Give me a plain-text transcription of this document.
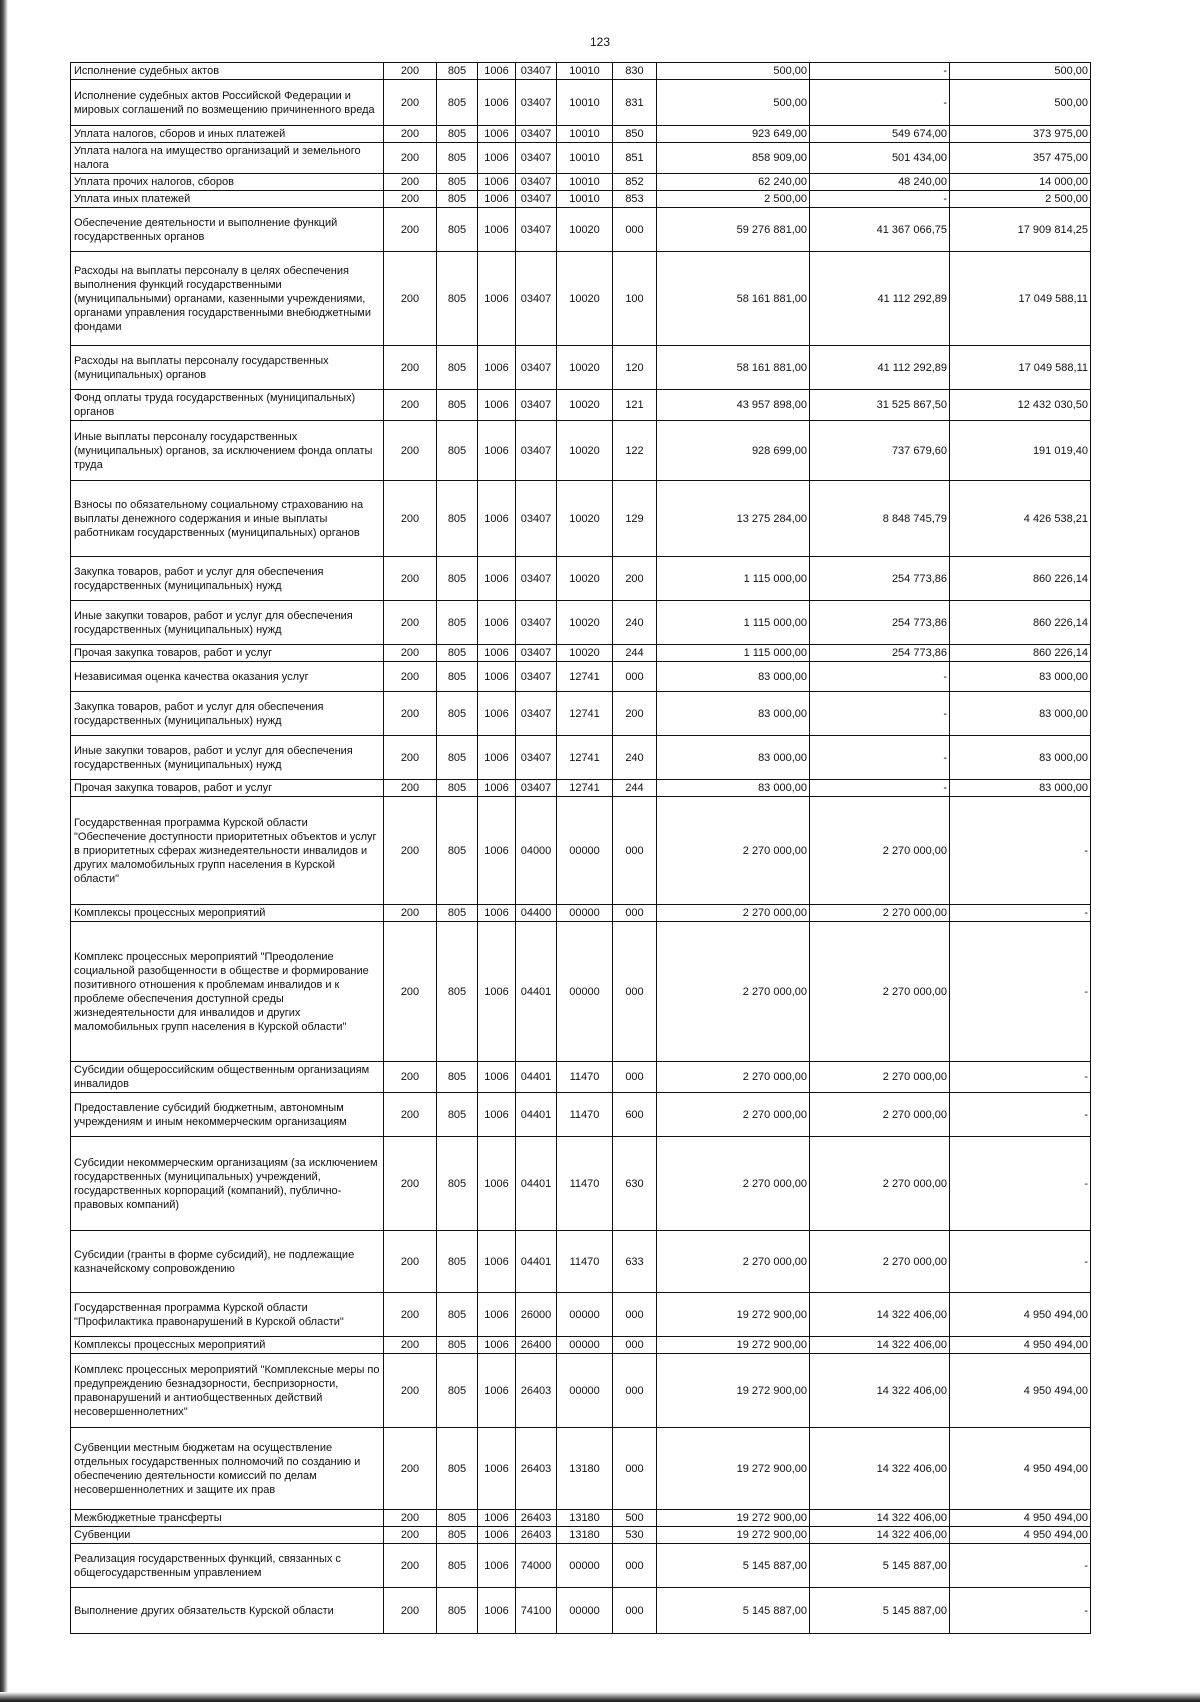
123
Исполнение судебных актов	200	805	1006	03407	10010	830	500,00	-	500,00
Исполнение судебных актов Российской Федерации и мировых соглашений по возмещению причиненного вреда	200	805	1006	03407	10010	831	500,00	-	500,00
Уплата налогов, сборов и иных платежей	200	805	1006	03407	10010	850	923 649,00	549 674,00	373 975,00
Уплата налога на имущество организаций и земельного налога	200	805	1006	03407	10010	851	858 909,00	501 434,00	357 475,00
Уплата прочих налогов, сборов	200	805	1006	03407	10010	852	62 240,00	48 240,00	14 000,00
Уплата иных платежей	200	805	1006	03407	10010	853	2 500,00	-	2 500,00
Обеспечение деятельности и выполнение функций государственных органов	200	805	1006	03407	10020	000	59 276 881,00	41 367 066,75	17 909 814,25
Расходы на выплаты персоналу в целях обеспечения выполнения функций государственными (муниципальными) органами, казенными учреждениями, органами управления государственными внебюджетными фондами	200	805	1006	03407	10020	100	58 161 881,00	41 112 292,89	17 049 588,11
Расходы на выплаты персоналу государственных (муниципальных) органов	200	805	1006	03407	10020	120	58 161 881,00	41 112 292,89	17 049 588,11
Фонд оплаты труда государственных (муниципальных) органов	200	805	1006	03407	10020	121	43 957 898,00	31 525 867,50	12 432 030,50
Иные выплаты персоналу государственных (муниципальных) органов, за исключением фонда оплаты труда	200	805	1006	03407	10020	122	928 699,00	737 679,60	191 019,40
Взносы по обязательному социальному страхованию на выплаты денежного содержания и иные выплаты работникам государственных (муниципальных) органов	200	805	1006	03407	10020	129	13 275 284,00	8 848 745,79	4 426 538,21
Закупка товаров, работ и услуг для обеспечения государственных (муниципальных) нужд	200	805	1006	03407	10020	200	1 115 000,00	254 773,86	860 226,14
Иные закупки товаров, работ и услуг для обеспечения государственных (муниципальных) нужд	200	805	1006	03407	10020	240	1 115 000,00	254 773,86	860 226,14
Прочая закупка товаров, работ и услуг	200	805	1006	03407	10020	244	1 115 000,00	254 773,86	860 226,14
Независимая оценка качества оказания услуг	200	805	1006	03407	12741	000	83 000,00	-	83 000,00
Закупка товаров, работ и услуг для обеспечения государственных (муниципальных) нужд	200	805	1006	03407	12741	200	83 000,00	-	83 000,00
Иные закупки товаров, работ и услуг для обеспечения государственных (муниципальных) нужд	200	805	1006	03407	12741	240	83 000,00	-	83 000,00
Прочая закупка товаров, работ и услуг	200	805	1006	03407	12741	244	83 000,00	-	83 000,00
Государственная программа Курской области "Обеспечение доступности приоритетных объектов и услуг в приоритетных сферах жизнедеятельности инвалидов и других маломобильных групп населения в Курской области"	200	805	1006	04000	00000	000	2 270 000,00	2 270 000,00	-
Комплексы процессных мероприятий	200	805	1006	04400	00000	000	2 270 000,00	2 270 000,00	-
Комплекс процессных мероприятий "Преодоление социальной разобщенности в обществе и формирование позитивного отношения к проблемам инвалидов и к проблеме обеспечения доступной среды жизнедеятельности для инвалидов и других маломобильных групп населения в Курской области"	200	805	1006	04401	00000	000	2 270 000,00	2 270 000,00	-
Субсидии общероссийским общественным организациям инвалидов	200	805	1006	04401	11470	000	2 270 000,00	2 270 000,00	-
Предоставление субсидий бюджетным, автономным учреждениям и иным некоммерческим организациям	200	805	1006	04401	11470	600	2 270 000,00	2 270 000,00	-
Субсидии некоммерческим организациям (за исключением государственных (муниципальных) учреждений, государственных корпораций (компаний), публично-правовых компаний)	200	805	1006	04401	11470	630	2 270 000,00	2 270 000,00	-
Субсидии (гранты в форме субсидий), не подлежащие казначейскому сопровождению	200	805	1006	04401	11470	633	2 270 000,00	2 270 000,00	-
Государственная программа Курской области "Профилактика правонарушений в Курской области"	200	805	1006	26000	00000	000	19 272 900,00	14 322 406,00	4 950 494,00
Комплексы процессных мероприятий	200	805	1006	26400	00000	000	19 272 900,00	14 322 406,00	4 950 494,00
Комплекс процессных мероприятий "Комплексные меры по предупреждению безнадзорности, беспризорности, правонарушений и антиобщественных действий несовершеннолетних"	200	805	1006	26403	00000	000	19 272 900,00	14 322 406,00	4 950 494,00
Субвенции местным бюджетам на осуществление отдельных государственных полномочий по созданию и обеспечению деятельности комиссий по делам несовершеннолетних и защите их прав	200	805	1006	26403	13180	000	19 272 900,00	14 322 406,00	4 950 494,00
Межбюджетные трансферты	200	805	1006	26403	13180	500	19 272 900,00	14 322 406,00	4 950 494,00
Субвенции	200	805	1006	26403	13180	530	19 272 900,00	14 322 406,00	4 950 494,00
Реализация государственных функций, связанных с общегосударственным управлением	200	805	1006	74000	00000	000	5 145 887,00	5 145 887,00	-
Выполнение других обязательств Курской области	200	805	1006	74100	00000	000	5 145 887,00	5 145 887,00	-
